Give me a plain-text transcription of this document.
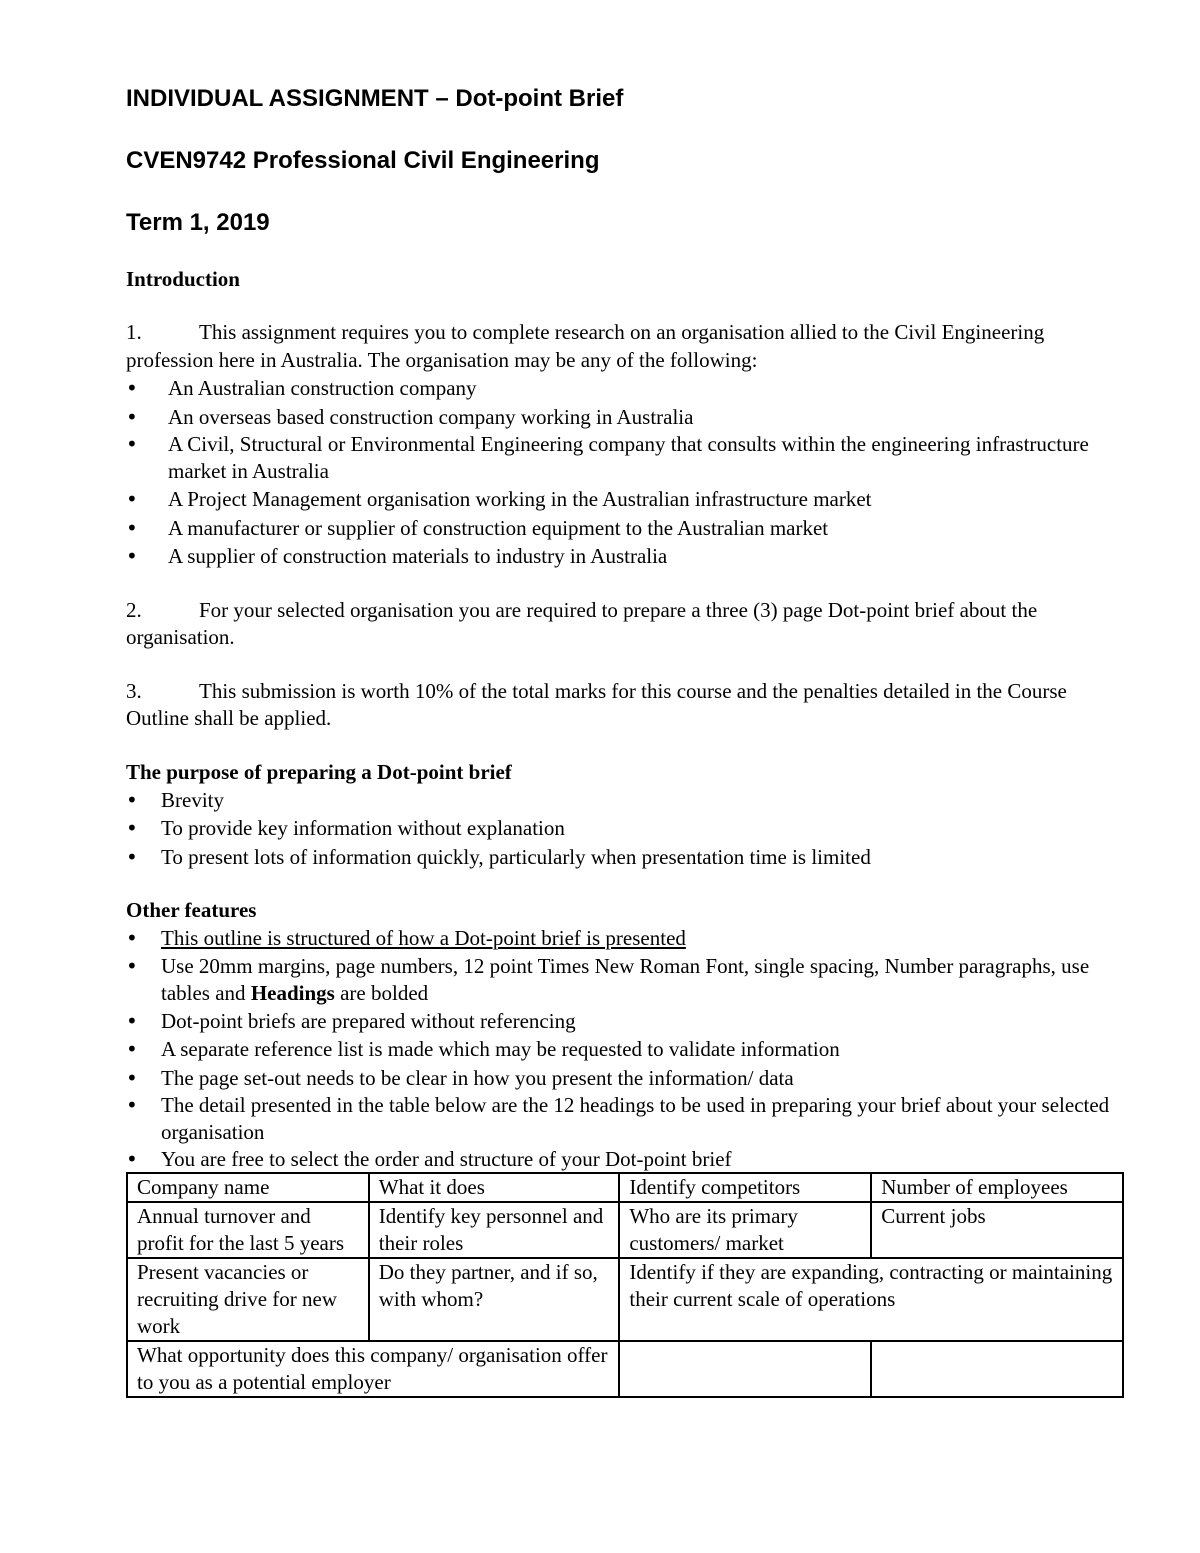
INDIVIDUAL ASSIGNMENT – Dot-point Brief
CVEN9742 Professional Civil Engineering
Term 1, 2019

Introduction

1.	This assignment requires you to complete research on an organisation allied to the Civil Engineering profession here in Australia. The organisation may be any of the following:

• An Australian construction company
• An overseas based construction company working in Australia
• A Civil, Structural or Environmental Engineering company that consults within the engineering infrastructure market in Australia
• A Project Management organisation working in the Australian infrastructure market
• A manufacturer or supplier of construction equipment to the Australian market
• A supplier of construction materials to industry in Australia

2.	For your selected organisation you are required to prepare a three (3) page Dot-point brief about the organisation.

3.	This submission is worth 10% of the total marks for this course and the penalties detailed in the Course Outline shall be applied.

The purpose of preparing a Dot-point brief

• Brevity
• To provide key information without explanation
• To present lots of information quickly, particularly when presentation time is limited

Other features

• This outline is structured of how a Dot-point brief is presented
• Use 20mm margins, page numbers, 12 point Times New Roman Font, single spacing, Number paragraphs, use tables and Headings are bolded
• Dot-point briefs are prepared without referencing
• A separate reference list is made which may be requested to validate information
• The page set-out needs to be clear in how you present the information/ data
• The detail presented in the table below are the 12 headings to be used in preparing your brief about your selected organisation
• You are free to select the order and structure of your Dot-point brief
Company name	What it does	Identify competitors	Number of employees
Annual turnover and profit for the last 5 years	Identify key personnel and their roles	Who are its primary customers/ market	Current jobs
Present vacancies or recruiting drive for new work	Do they partner, and if so, with whom?	Identify if they are expanding, contracting or maintaining their current scale of operations	
What opportunity does this company/ organisation offer to you as a potential employer			
